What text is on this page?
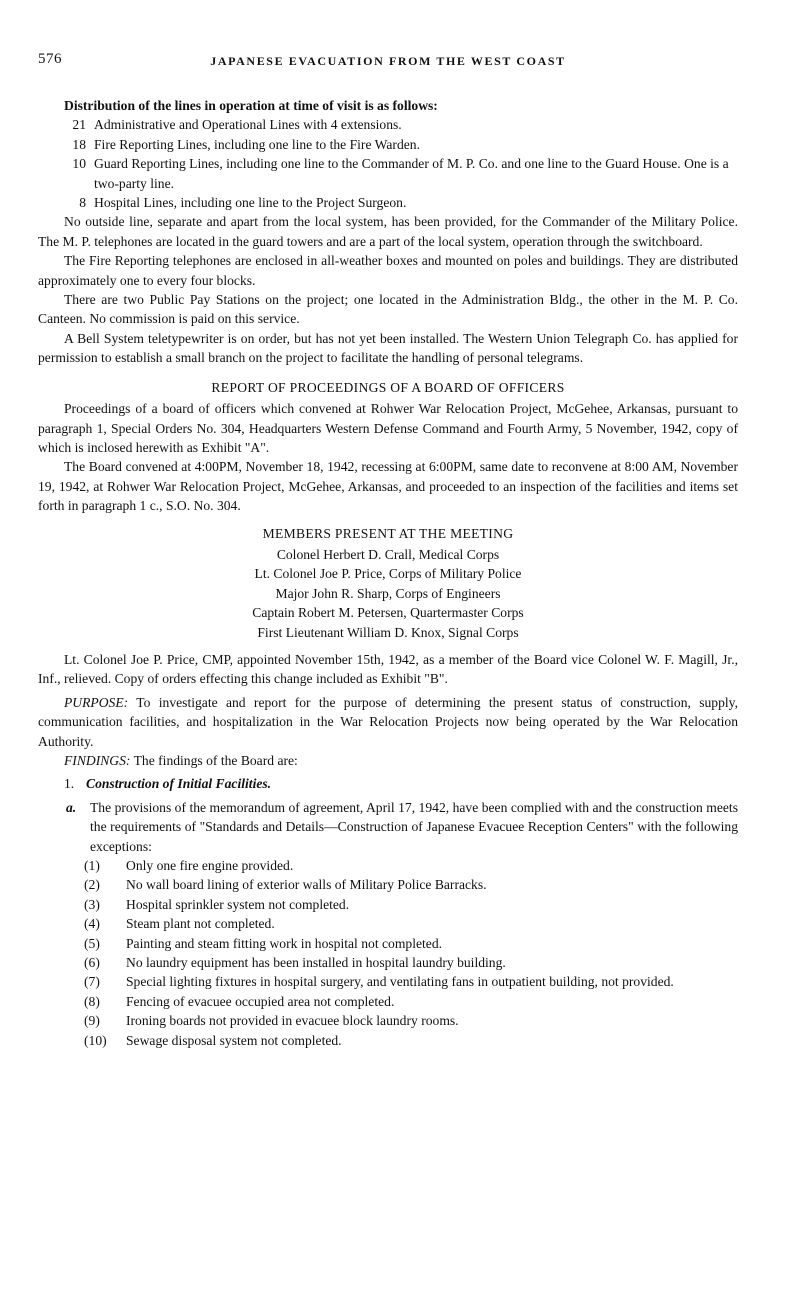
576	JAPANESE EVACUATION FROM THE WEST COAST

Distribution of the lines in operation at time of visit is as follows:

21 Administrative and Operational Lines with 4 extensions.
18 Fire Reporting Lines, including one line to the Fire Warden.
10 Guard Reporting Lines, including one line to the Commander of M. P. Co. and one line to the Guard House. One is a two-party line.
8 Hospital Lines, including one line to the Project Surgeon.

No outside line, separate and apart from the local system, has been provided, for the Commander of the Military Police. The M. P. telephones are located in the guard towers and are a part of the local system, operation through the switchboard.

The Fire Reporting telephones are enclosed in all-weather boxes and mounted on poles and buildings. They are distributed approximately one to every four blocks.

There are two Public Pay Stations on the project; one located in the Administration Bldg., the other in the M. P. Co. Canteen. No commission is paid on this service.

A Bell System teletypewriter is on order, but has not yet been installed. The Western Union Telegraph Co. has applied for permission to establish a small branch on the project to facilitate the handling of personal telegrams.

REPORT OF PROCEEDINGS OF A BOARD OF OFFICERS

Proceedings of a board of officers which convened at Rohwer War Relocation Project, McGehee, Arkansas, pursuant to paragraph 1, Special Orders No. 304, Headquarters Western Defense Command and Fourth Army, 5 November, 1942, copy of which is inclosed herewith as Exhibit "A".

The Board convened at 4:00PM, November 18, 1942, recessing at 6:00PM, same date to reconvene at 8:00 AM, November 19, 1942, at Rohwer War Relocation Project, McGehee, Arkansas, and proceeded to an inspection of the facilities and items set forth in paragraph 1 c., S.O. No. 304.

MEMBERS PRESENT AT THE MEETING
Colonel Herbert D. Crall, Medical Corps
Lt. Colonel Joe P. Price, Corps of Military Police
Major John R. Sharp, Corps of Engineers
Captain Robert M. Petersen, Quartermaster Corps
First Lieutenant William D. Knox, Signal Corps

Lt. Colonel Joe P. Price, CMP, appointed November 15th, 1942, as a member of the Board vice Colonel W. F. Magill, Jr., Inf., relieved. Copy of orders effecting this change included as Exhibit "B".

PURPOSE: To investigate and report for the purpose of determining the present status of construction, supply, communication facilities, and hospitalization in the War Relocation Projects now being operated by the War Relocation Authority.

FINDINGS: The findings of the Board are:

1. Construction of Initial Facilities.

a. The provisions of the memorandum of agreement, April 17, 1942, have been complied with and the construction meets the requirements of "Standards and Details—Construction of Japanese Evacuee Reception Centers" with the following exceptions:

(1)	Only one fire engine provided.
(2)	No wall board lining of exterior walls of Military Police Barracks.
(3)	Hospital sprinkler system not completed.
(4)	Steam plant not completed.
(5)	Painting and steam fitting work in hospital not completed.
(6)	No laundry equipment has been installed in hospital laundry building.
(7)	Special lighting fixtures in hospital surgery, and ventilating fans in outpatient building, not provided.
(8)	Fencing of evacuee occupied area not completed.
(9)	Ironing boards not provided in evacuee block laundry rooms.
(10)	Sewage disposal system not completed.
